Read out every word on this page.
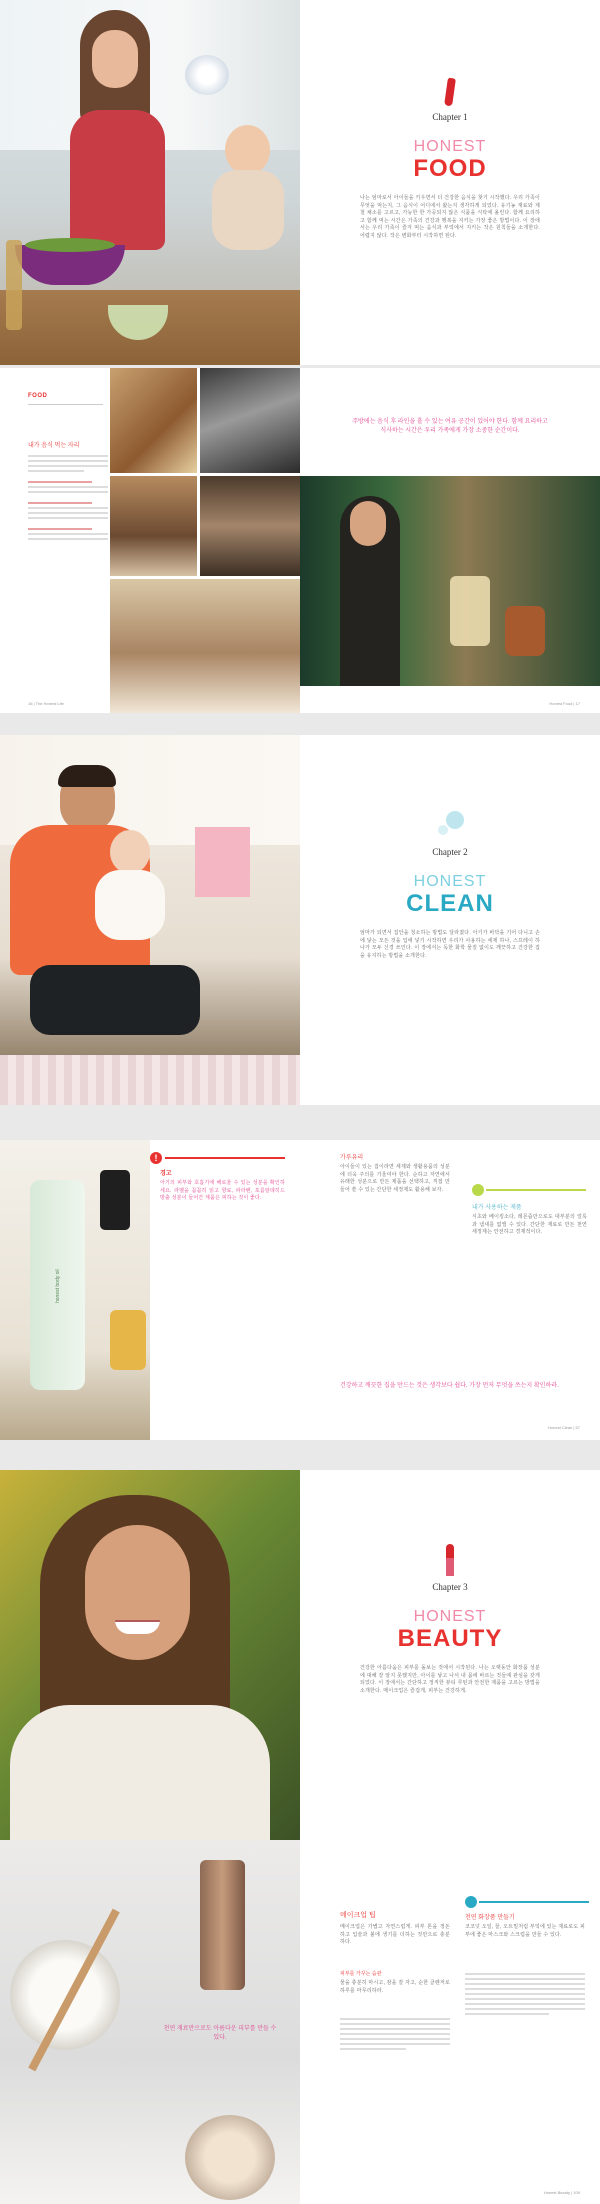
Chapter 1
HONEST
FOOD
나는 엄마로서 아이들을 키우면서 더 건강한 음식을 찾기 시작했다. 우리 가족이 무엇을 먹는지, 그 음식이 어디에서 왔는지 생각하게 되었다. 유기농 재료와 제철 채소를 고르고, 가능한 한 가공되지 않은 식품을 식탁에 올린다. 함께 요리하고 함께 먹는 시간은 가족의 건강과 행복을 지키는 가장 좋은 방법이다. 이 장에서는 우리 가족이 즐겨 먹는 음식과 부엌에서 지키는 작은 원칙들을 소개한다. 어렵지 않다. 작은 변화부터 시작하면 된다.
FOOD
내가 음식 먹는 자리
16 | The Honest Life
주방에는 음식 후 라인을 흘 수 있는 여유 공간이 있어야 한다. 함께 요리하고 식사하는 시간은 우리 가족에게 가장 소중한 순간이다.
Honest Food | 17
Chapter 2
HONEST
CLEAN
엄마가 되면서 집안을 청소하는 방법도 달라졌다. 아기가 바닥을 기어 다니고 손에 닿는 모든 것을 입에 넣기 시작하면 우리가 사용하는 세제 하나, 스프레이 하나가 모두 신경 쓰인다. 이 장에서는 독한 화학 물질 없이도 깨끗하고 건강한 집을 유지하는 방법을 소개한다.
honest body oil
!
경고
아기의 피부와 호흡기에 해로울 수 있는 성분을 확인하세요. 라벨을 꼼꼼히 읽고 향료, 파라벤, 포름알데히드 방출 성분이 들어간 제품은 피하는 것이 좋다.
가루유리
아이들이 있는 집이라면 세제와 생활용품의 성분에 더욱 주의를 기울여야 한다. 순하고 자연에서 유래한 성분으로 만든 제품을 선택하고, 직접 만들어 쓸 수 있는 간단한 세정제도 활용해 보자.
내가 사용하는 제품
식초와 베이킹소다, 레몬즙만으로도 대부분의 얼룩과 냄새를 없앨 수 있다. 간단한 재료로 만든 천연 세정제는 안전하고 경제적이다.
건강하고 깨끗한 집을 만드는 것은 생각보다 쉽다. 가장 먼저 무엇을 쓰는지 확인하라.
Honest Clean | 57
Chapter 3
HONEST
BEAUTY
건강한 아름다움은 피부를 돌보는 것에서 시작된다. 나는 오랫동안 화장품 성분에 대해 잘 알지 못했지만, 아이를 낳고 나서 내 몸에 바르는 것들에 관심을 갖게 되었다. 이 장에서는 간단하고 정직한 뷰티 루틴과 안전한 제품을 고르는 방법을 소개한다. 메이크업은 즐겁게, 피부는 건강하게.
천연 재료만으로도 아름다운 피부를 만들 수 있다.
메이크업 팁
메이크업은 가볍고 자연스럽게. 피부 톤을 정돈하고 입술과 볼에 생기를 더하는 것만으로 충분하다.
피부를 가꾸는 습관
물을 충분히 마시고, 잠을 잘 자고, 순한 클렌저로 하루를 마무리하라.
천연 화장품 만들기
코코넛 오일, 꿀, 오트밀처럼 부엌에 있는 재료로도 피부에 좋은 마스크와 스크럽을 만들 수 있다.
Honest Beauty | 109
